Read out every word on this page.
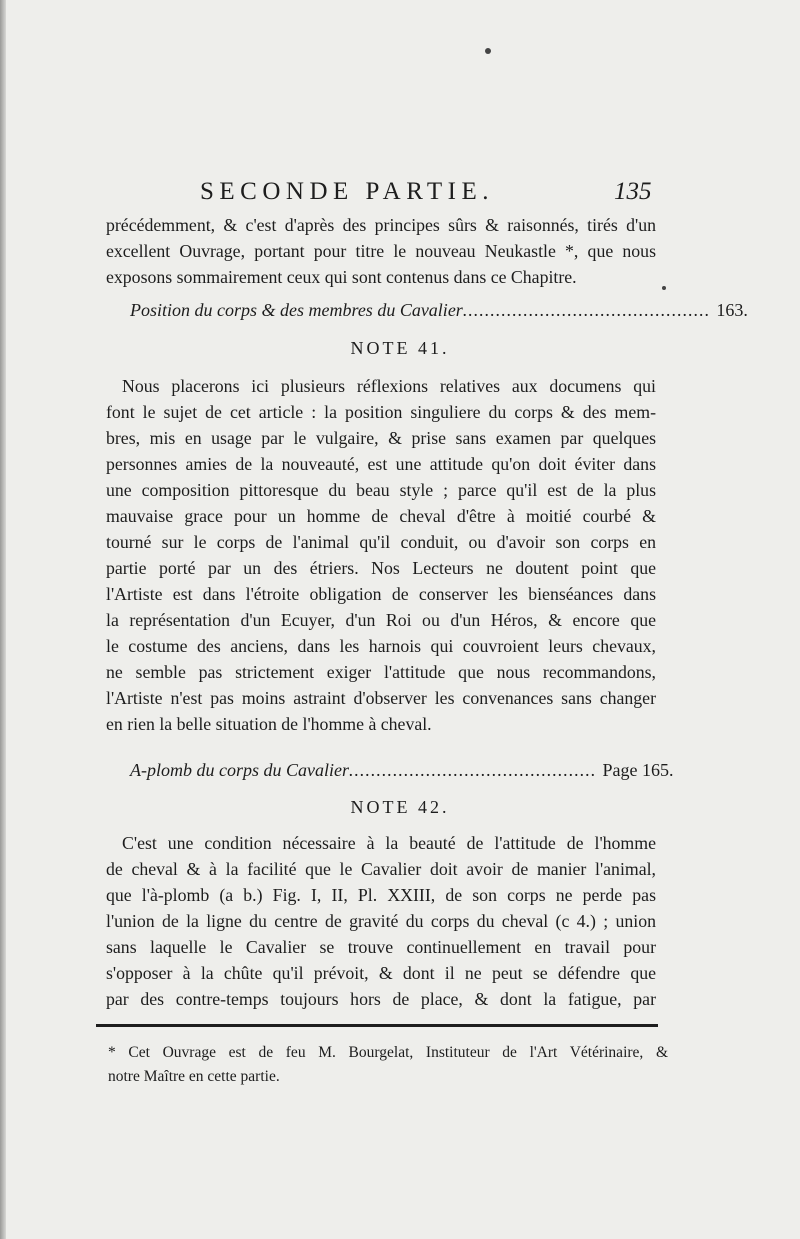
SECONDE PARTIE.	135
précédemment, & c'est d'après des principes sûrs & raisonnés, tirés d'un
excellent Ouvrage, portant pour titre le nouveau Neukastle *, que nous
exposons sommairement ceux qui sont contenus dans ce Chapitre.
Position du corps & des membres du Cavalier ............................................. 163.
NOTE 41.
Nous placerons ici plusieurs réflexions relatives aux documens qui
font le sujet de cet article : la position singuliere du corps & des mem-
bres, mis en usage par le vulgaire, & prise sans examen par quelques
personnes amies de la nouveauté, est une attitude qu'on doit éviter dans
une composition pittoresque du beau style ; parce qu'il est de la plus
mauvaise grace pour un homme de cheval d'être à moitié courbé &
tourné sur le corps de l'animal qu'il conduit, ou d'avoir son corps en
partie porté par un des étriers. Nos Lecteurs ne doutent point que
l'Artiste est dans l'étroite obligation de conserver les bienséances dans
la représentation d'un Ecuyer, d'un Roi ou d'un Héros, & encore que
le costume des anciens, dans les harnois qui couvroient leurs chevaux,
ne semble pas strictement exiger l'attitude que nous recommandons,
l'Artiste n'est pas moins astraint d'observer les convenances sans changer
en rien la belle situation de l'homme à cheval.
A-plomb du corps du Cavalier ............................................. Page 165.
NOTE 42.
C'est une condition nécessaire à la beauté de l'attitude de l'homme
de cheval & à la facilité que le Cavalier doit avoir de manier l'animal,
que l'à-plomb (a b.) Fig. I, II, Pl. XXIII, de son corps ne perde pas
l'union de la ligne du centre de gravité du corps du cheval (c 4.) ; union
sans laquelle le Cavalier se trouve continuellement en travail pour
s'opposer à la chûte qu'il prévoit, & dont il ne peut se défendre que
par des contre-temps toujours hors de place, & dont la fatigue, par
* Cet Ouvrage est de feu M. Bourgelat, Instituteur de l'Art Vétérinaire, &
notre Maître en cette partie.
